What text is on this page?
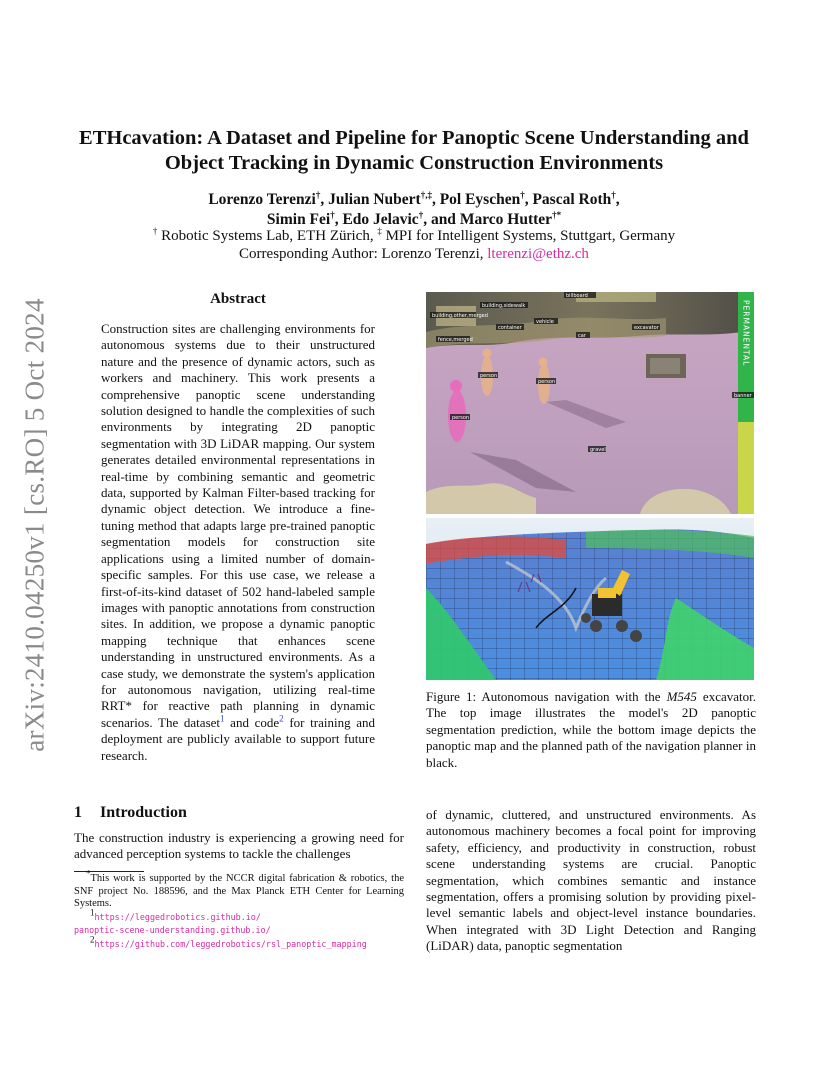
arXiv:2410.04250v1 [cs.RO] 5 Oct 2024
ETHcavation: A Dataset and Pipeline for Panoptic Scene Understanding and Object Tracking in Dynamic Construction Environments
Lorenzo Terenzi†, Julian Nubert†,‡, Pol Eyschen†, Pascal Roth†,
Simin Fei†, Edo Jelavic†, and Marco Hutter†*
† Robotic Systems Lab, ETH Zürich, ‡ MPI for Intelligent Systems, Stuttgart, Germany
Corresponding Author: Lorenzo Terenzi, lterenzi@ethz.ch
Abstract
Construction sites are challenging environments for autonomous systems due to their unstructured nature and the presence of dynamic actors, such as workers and machinery. This work presents a comprehensive panoptic scene understanding solution designed to handle the complexities of such environments by integrating 2D panoptic segmentation with 3D LiDAR mapping. Our system generates detailed environmental representations in real-time by combining semantic and geometric data, supported by Kalman Filter-based tracking for dynamic object detection. We introduce a fine-tuning method that adapts large pre-trained panoptic segmentation models for construction site applications using a limited number of domain-specific samples. For this use case, we release a first-of-its-kind dataset of 502 hand-labeled sample images with panoptic annotations from construction sites. In addition, we propose a dynamic panoptic mapping technique that enhances scene understanding in unstructured environments. As a case study, we demonstrate the system's application for autonomous navigation, utilizing real-time RRT* for reactive path planning in dynamic scenarios. The dataset$^1$ and code$^2$ for training and deployment are publicly available to support future research.
PERMANENTAL
building,sidewalk
building,other,merged
fence,merged
person
person
person
gravel
container	excavator
vehicle
car
billboard
banner
Figure 1: Autonomous navigation with the M545 excavator. The top image illustrates the model's 2D panoptic segmentation prediction, while the bottom image depicts the panoptic map and the planned path of the navigation planner in black.
1 Introduction
The construction industry is experiencing a growing need for advanced perception systems to tackle the challenges
of dynamic, cluttered, and unstructured environments. As autonomous machinery becomes a focal point for improving safety, efficiency, and productivity in construction, robust scene understanding systems are crucial. Panoptic segmentation, which combines semantic and instance segmentation, offers a promising solution by providing pixel-level semantic labels and object-level instance boundaries. When integrated with 3D Light Detection and Ranging (LiDAR) data, panoptic segmentation
*This work is supported by the NCCR digital fabrication & robotics, the SNF project No. 188596, and the Max Planck ETH Center for Learning Systems.
$^1$https://leggedrobotics.github.io/
panoptic-scene-understanding.github.io/
$^2$https://github.com/leggedrobotics/rsl_panoptic_mapping
